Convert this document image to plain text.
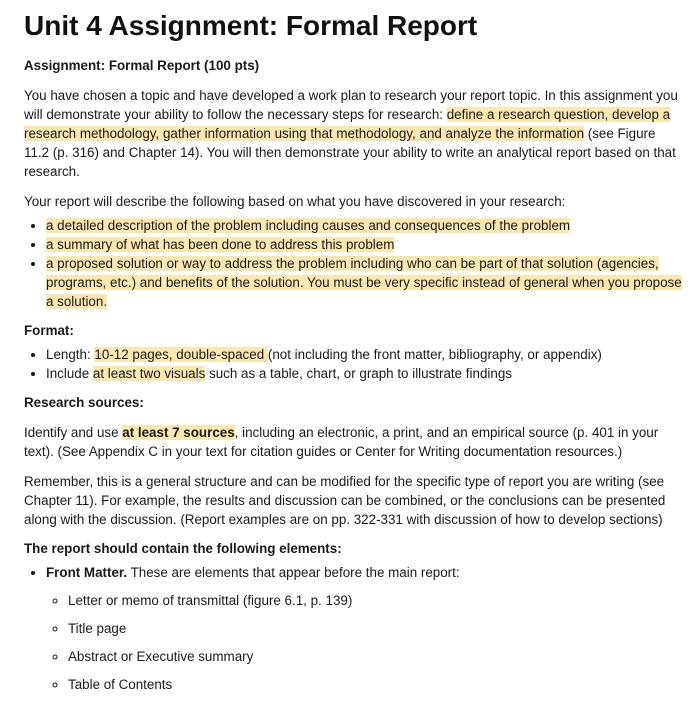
Unit 4 Assignment: Formal Report
Assignment: Formal Report (100 pts)

You have chosen a topic and have developed a work plan to research your report topic. In this assignment you will demonstrate your ability to follow the necessary steps for research: define a research question, develop a research methodology, gather information using that methodology, and analyze the information (see Figure 11.2 (p. 316) and Chapter 14). You will then demonstrate your ability to write an analytical report based on that research.

Your report will describe the following based on what you have discovered in your research:

• a detailed description of the problem including causes and consequences of the problem
• a summary of what has been done to address this problem
• a proposed solution or way to address the problem including who can be part of that solution (agencies, programs, etc.) and benefits of the solution. You must be very specific instead of general when you propose a solution.
Format:
• Length: 10-12 pages, double-spaced (not including the front matter, bibliography, or appendix)
• Include at least two visuals such as a table, chart, or graph to illustrate findings
Research sources:

Identify and use at least 7 sources, including an electronic, a print, and an empirical source (p. 401 in your text). (See Appendix C in your text for citation guides or Center for Writing documentation resources.)

Remember, this is a general structure and can be modified for the specific type of report you are writing (see Chapter 11). For example, the results and discussion can be combined, or the conclusions can be presented along with the discussion. (Report examples are on pp. 322-331 with discussion of how to develop sections)

The report should contain the following elements:
• Front Matter. These are elements that appear before the main report:
◦ Letter or memo of transmittal (figure 6.1, p. 139)
◦ Title page
◦ Abstract or Executive summary
◦ Table of Contents
